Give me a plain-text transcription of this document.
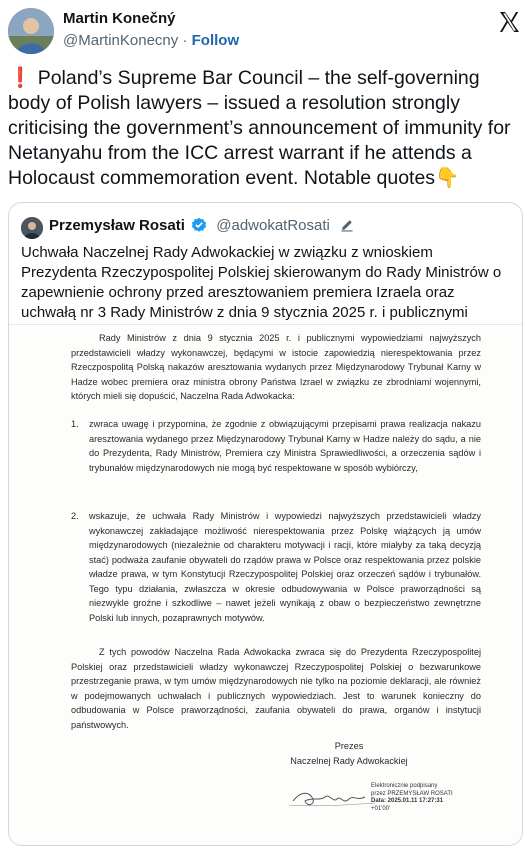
Martin Konečný
@MartinKonecny · Follow

❗ Poland’s Supreme Bar Council – the self-governing body of Polish lawyers – issued a resolution strongly criticising the government’s announcement of immunity for Netanyahu from the ICC arrest warrant if he attends a Holocaust commemoration event. Notable quotes👇

Przemysław Rosati @adwokatRosati

Uchwała Naczelnej Rady Adwokackiej w związku z wnioskiem Prezydenta Rzeczypospolitej Polskiej skierowanym do Rady Ministrów o zapewnienie ochrony przed aresztowaniem premiera Izraela oraz uchwałą nr 3 Rady Ministrów z dnia 9 stycznia 2025 r. i publicznymi

Rady Ministrów z dnia 9 stycznia 2025 r. i publicznymi wypowiedziami najwyższych przedstawicieli władzy wykonawczej, będącymi w istocie zapowiedzią nierespektowania przez Rzeczpospolitą Polską nakazów aresztowania wydanych przez Międzynarodowy Trybunał Karny w Hadze wobec premiera oraz ministra obrony Państwa Izrael w związku ze zbrodniami wojennymi, których mieli się dopuścić, Naczelna Rada Adwokacka:

1.	zwraca uwagę i przypomina, że zgodnie z obwiązującymi przepisami prawa realizacja nakazu aresztowania wydanego przez Międzynarodowy Trybunał Karny w Hadze należy do sądu, a nie do Prezydenta, Rady Ministrów, Premiera czy Ministra Sprawiedliwości, a orzeczenia sądów i trybunałów międzynarodowych nie mogą być respektowane w sposób wybiórczy,
2.	wskazuje, że uchwała Rady Ministrów i wypowiedzi najwyższych przedstawicieli władzy wykonawczej zakładające możliwość nierespektowania przez Polskę wiążących ją umów międzynarodowych (niezależnie od charakteru motywacji i racji, które miałyby za taką decyzją stać) podważa zaufanie obywateli do rządów prawa w Polsce oraz respektowania przez polskie władze prawa, w tym Konstytucji Rzeczypospolitej Polskiej oraz orzeczeń sądów i trybunałów. Tego typu działania, zwłaszcza w okresie odbudowywania w Polsce praworządności są niezwykle groźne i szkodliwe – nawet jeżeli wynikają z obaw o bezpieczeństwo zewnętrzne Polski lub innych, pozaprawnych motywów.

Z tych powodów Naczelna Rada Adwokacka zwraca się do Prezydenta Rzeczypospolitej Polskiej oraz przedstawicieli władzy wykonawczej Rzeczypospolitej Polskiej o bezwarunkowe przestrzeganie prawa, w tym umów międzynarodowych nie tylko na poziomie deklaracji, ale również w podejmowanych uchwałach i publicznych wypowiedziach. Jest to warunek konieczny do odbudowania w Polsce praworządności, zaufania obywateli do prawa, organów i instytucji państwowych.

Prezes
Naczelnej Rady Adwokackiej
Elektronicznie podpisany
przez PRZEMYSŁAW ROSATI
Data: 2025.01.11 17:27:31
+01'00'
